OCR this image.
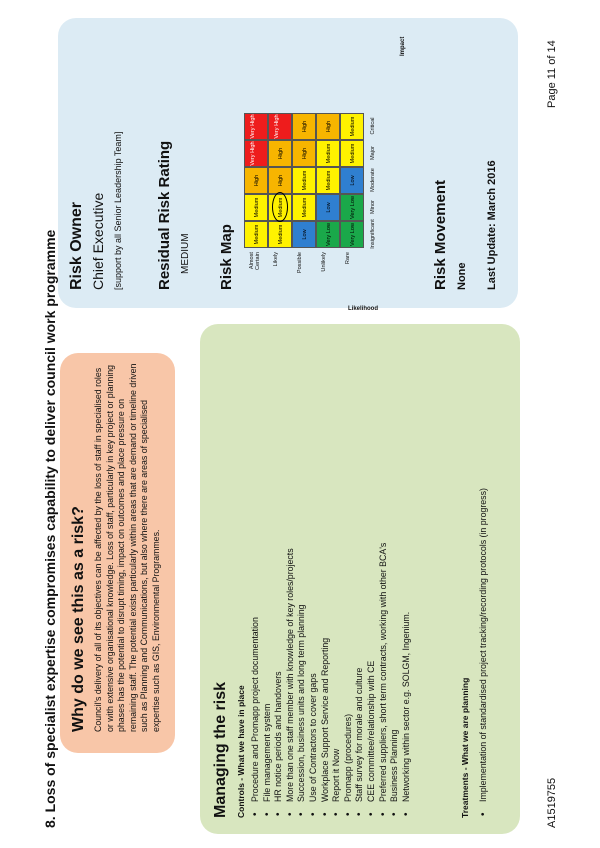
8. Loss of specialist expertise compromises capability to deliver council work programme Why do we see this as a risk? Council's delivery of all of its objectives can be affected by the loss of staff in specialised roles or with extensive organisational knowledge. Loss of staff, particularly in key project or planning phases has the potential to disrupt timing, impact on outcomes and place pressure on remaining staff. The potential exists particularly within areas that are demand or timeline driven such as Planning and Communications, but also where there are areas of specialised expertise such as GIS, Environmental Programmes.
Managing the risk Controls - What we have in place • Procedure and Promapp project documentation • File management system • HR notice periods and handovers • More than one staff member with knowledge of key roles/projects • Succession, business units and long term planning • Use of Contractors to cover gaps • Workplace Support Service and Reporting • Report it Now • Promapp (procedures) • Staff survey for morale and culture • CEE committee/relationship with CE • Preferred suppliers, short term contracts, working with other BCA's • Business Planning • Networking within sector e.g. SOLGM, Ingenium.	Treatments - What we are planning • Implementation of standardised project tracking/recording protocols (in progress)
Risk Owner Chief Executive [support by all Senior Leadership Team] Residual Risk Rating MEDIUM Risk Map	Almost Certain
Medium
Medium
High
Very High
Very High
Likely
Medium
Medium
High
High
Very High
Possible
Low
Medium
Medium
High
High
Unlikely
Very Low
Low
Medium
Medium
High
Rare
Very Low
Very Low
Low
Medium
Medium
Insignificant
Minor
Moderate
Major
Critical
Likelihood
Impact
Risk Movement None Last Update: March 2016
A1519755
Page 11 of 14
